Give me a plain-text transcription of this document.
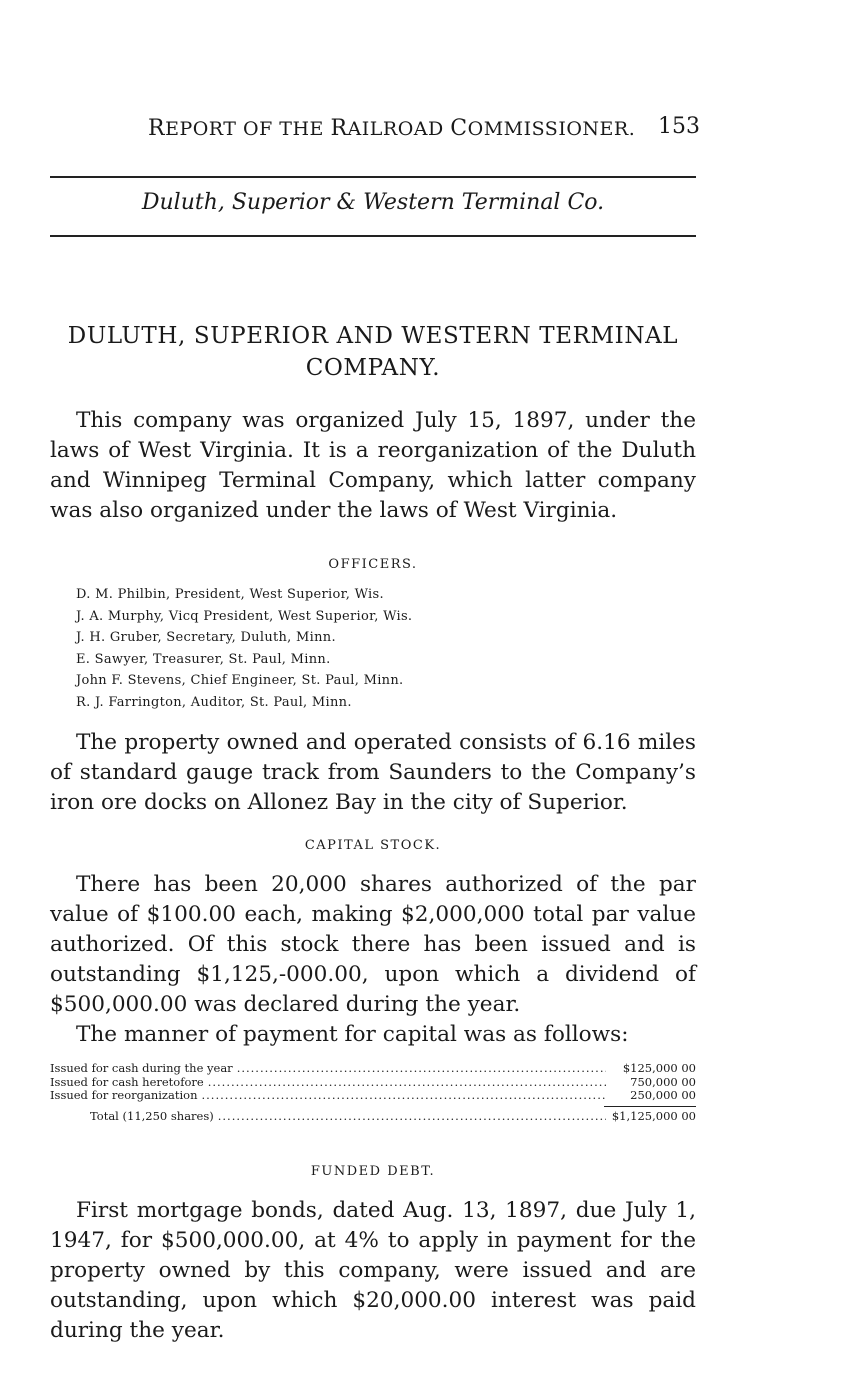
REPORT OF THE RAILROAD COMMISSIONER. 153
Duluth, Superior & Western Terminal Co.
DULUTH, SUPERIOR AND WESTERN TERMINAL
COMPANY.
This company was organized July 15, 1897, under the laws of West Virginia. It is a reorganization of the Duluth and Winnipeg Terminal Company, which latter company was also organized under the laws of West Virginia.
OFFICERS.
D. M. Philbin, President, West Superior, Wis.
J. A. Murphy, Vicq President, West Superior, Wis.
J. H. Gruber, Secretary, Duluth, Minn.
E. Sawyer, Treasurer, St. Paul, Minn.
John F. Stevens, Chief Engineer, St. Paul, Minn.
R. J. Farrington, Auditor, St. Paul, Minn.
The property owned and operated consists of 6.16 miles of standard gauge track from Saunders to the Company’s iron ore docks on Allonez Bay in the city of Superior.
CAPITAL STOCK.
There has been 20,000 shares authorized of the par value of $100.00 each, making $2,000,000 total par value authorized. Of this stock there has been issued and is outstanding $1,125,-000.00, upon which a dividend of $500,000.00 was declared during the year.
The manner of payment for capital was as follows:
Issued for cash during the year .....	$125,000 00
Issued for cash heretofore .....	750,000 00
Issued for reorganization .....	250,000 00
Total (11,250 shares) .....	$1,125,000 00
FUNDED DEBT.
First mortgage bonds, dated Aug. 13, 1897, due July 1, 1947, for $500,000.00, at 4% to apply in payment for the property owned by this company, were issued and are outstanding, upon which $20,000.00 interest was paid during the year.
